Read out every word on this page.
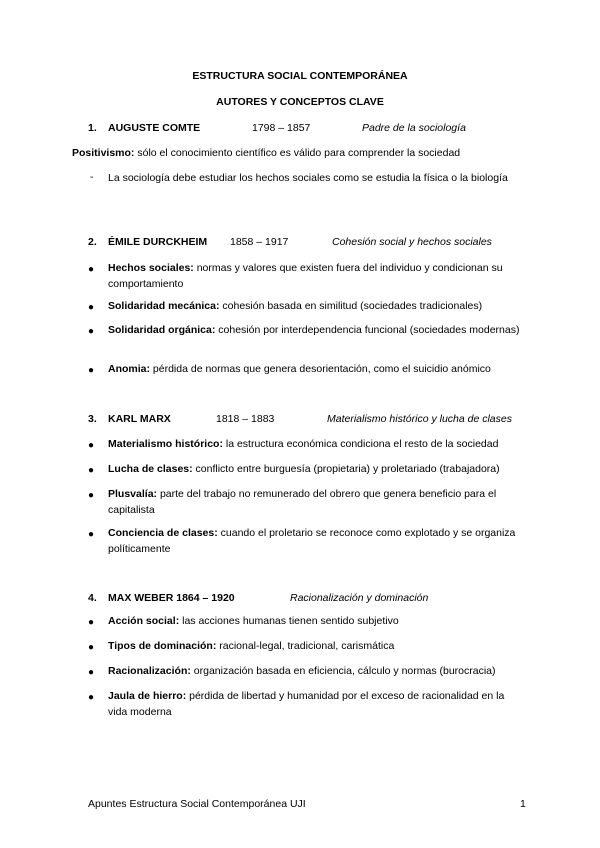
ESTRUCTURA SOCIAL CONTEMPORÁNEA
AUTORES Y CONCEPTOS CLAVE
1. AUGUSTE COMTE	1798 – 1857	Padre de la sociología
Positivismo: sólo el conocimiento científico es válido para comprender la sociedad
- La sociología debe estudiar los hechos sociales como se estudia la física o la biología
2. ÉMILE DURCKHEIM 1858 – 1917	Cohesión social y hechos sociales
● Hechos sociales: normas y valores que existen fuera del individuo y condicionan su comportamiento
● Solidaridad mecánica: cohesión basada en similitud (sociedades tradicionales)
● Solidaridad orgánica: cohesión por interdependencia funcional (sociedades modernas)
● Anomia: pérdida de normas que genera desorientación, como el suicidio anómico
3. KARL MARX	1818 – 1883	Materialismo histórico y lucha de clases
● Materialismo histórico: la estructura económica condiciona el resto de la sociedad
● Lucha de clases: conflicto entre burguesía (propietaria) y proletariado (trabajadora)
● Plusvalía: parte del trabajo no remunerado del obrero que genera beneficio para el capitalista
● Conciencia de clases: cuando el proletario se reconoce como explotado y se organiza políticamente
4. MAX WEBER 1864 – 1920	Racionalización y dominación
● Acción social: las acciones humanas tienen sentido subjetivo
● Tipos de dominación: racional-legal, tradicional, carismática
● Racionalización: organización basada en eficiencia, cálculo y normas (burocracia)
● Jaula de hierro: pérdida de libertad y humanidad por el exceso de racionalidad en la vida moderna
Apuntes Estructura Social Contemporánea UJI	1
